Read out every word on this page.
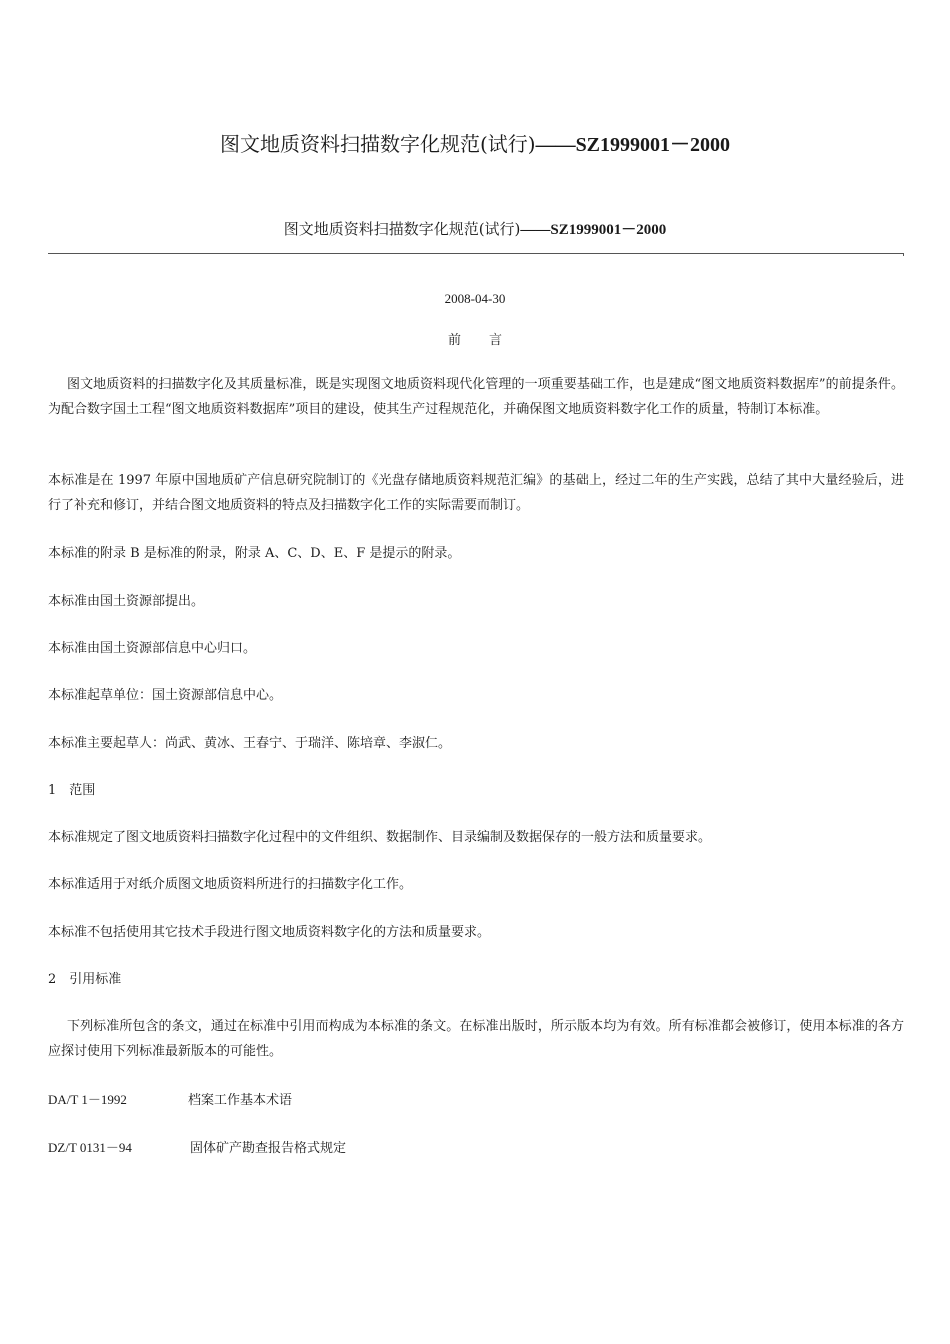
图文地质资料扫描数字化规范(试行)——SZ1999001－2000
图文地质资料扫描数字化规范(试行)——SZ1999001－2000
2008-04-30
前言
图文地质资料的扫描数字化及其质量标准，既是实现图文地质资料现代化管理的一项重要基础工作，也是建成“图文地质资料数据库”的前提条件。为配合数字国土工程“图文地质资料数据库”项目的建设，使其生产过程规范化，并确保图文地质资料数字化工作的质量，特制订本标准。
本标准是在 1997 年原中国地质矿产信息研究院制订的《光盘存储地质资料规范汇编》的基础上，经过二年的生产实践，总结了其中大量经验后，进行了补充和修订，并结合图文地质资料的特点及扫描数字化工作的实际需要而制订。
本标准的附录 B 是标准的附录，附录 A、C、D、E、F 是提示的附录。
本标准由国土资源部提出。
本标准由国土资源部信息中心归口。
本标准起草单位：国土资源部信息中心。
本标准主要起草人：尚武、黄冰、王春宁、于瑞洋、陈培章、李淑仁。
1　范围
本标准规定了图文地质资料扫描数字化过程中的文件组织、数据制作、目录编制及数据保存的一般方法和质量要求。
本标准适用于对纸介质图文地质资料所进行的扫描数字化工作。
本标准不包括使用其它技术手段进行图文地质资料数字化的方法和质量要求。
2　引用标准
下列标准所包含的条文，通过在标准中引用而构成为本标准的条文。在标准出版时，所示版本均为有效。所有标准都会被修订，使用本标准的各方应探讨使用下列标准最新版本的可能性。
DA/T 1－1992	档案工作基本术语
DZ/T 0131－94	固体矿产勘查报告格式规定
